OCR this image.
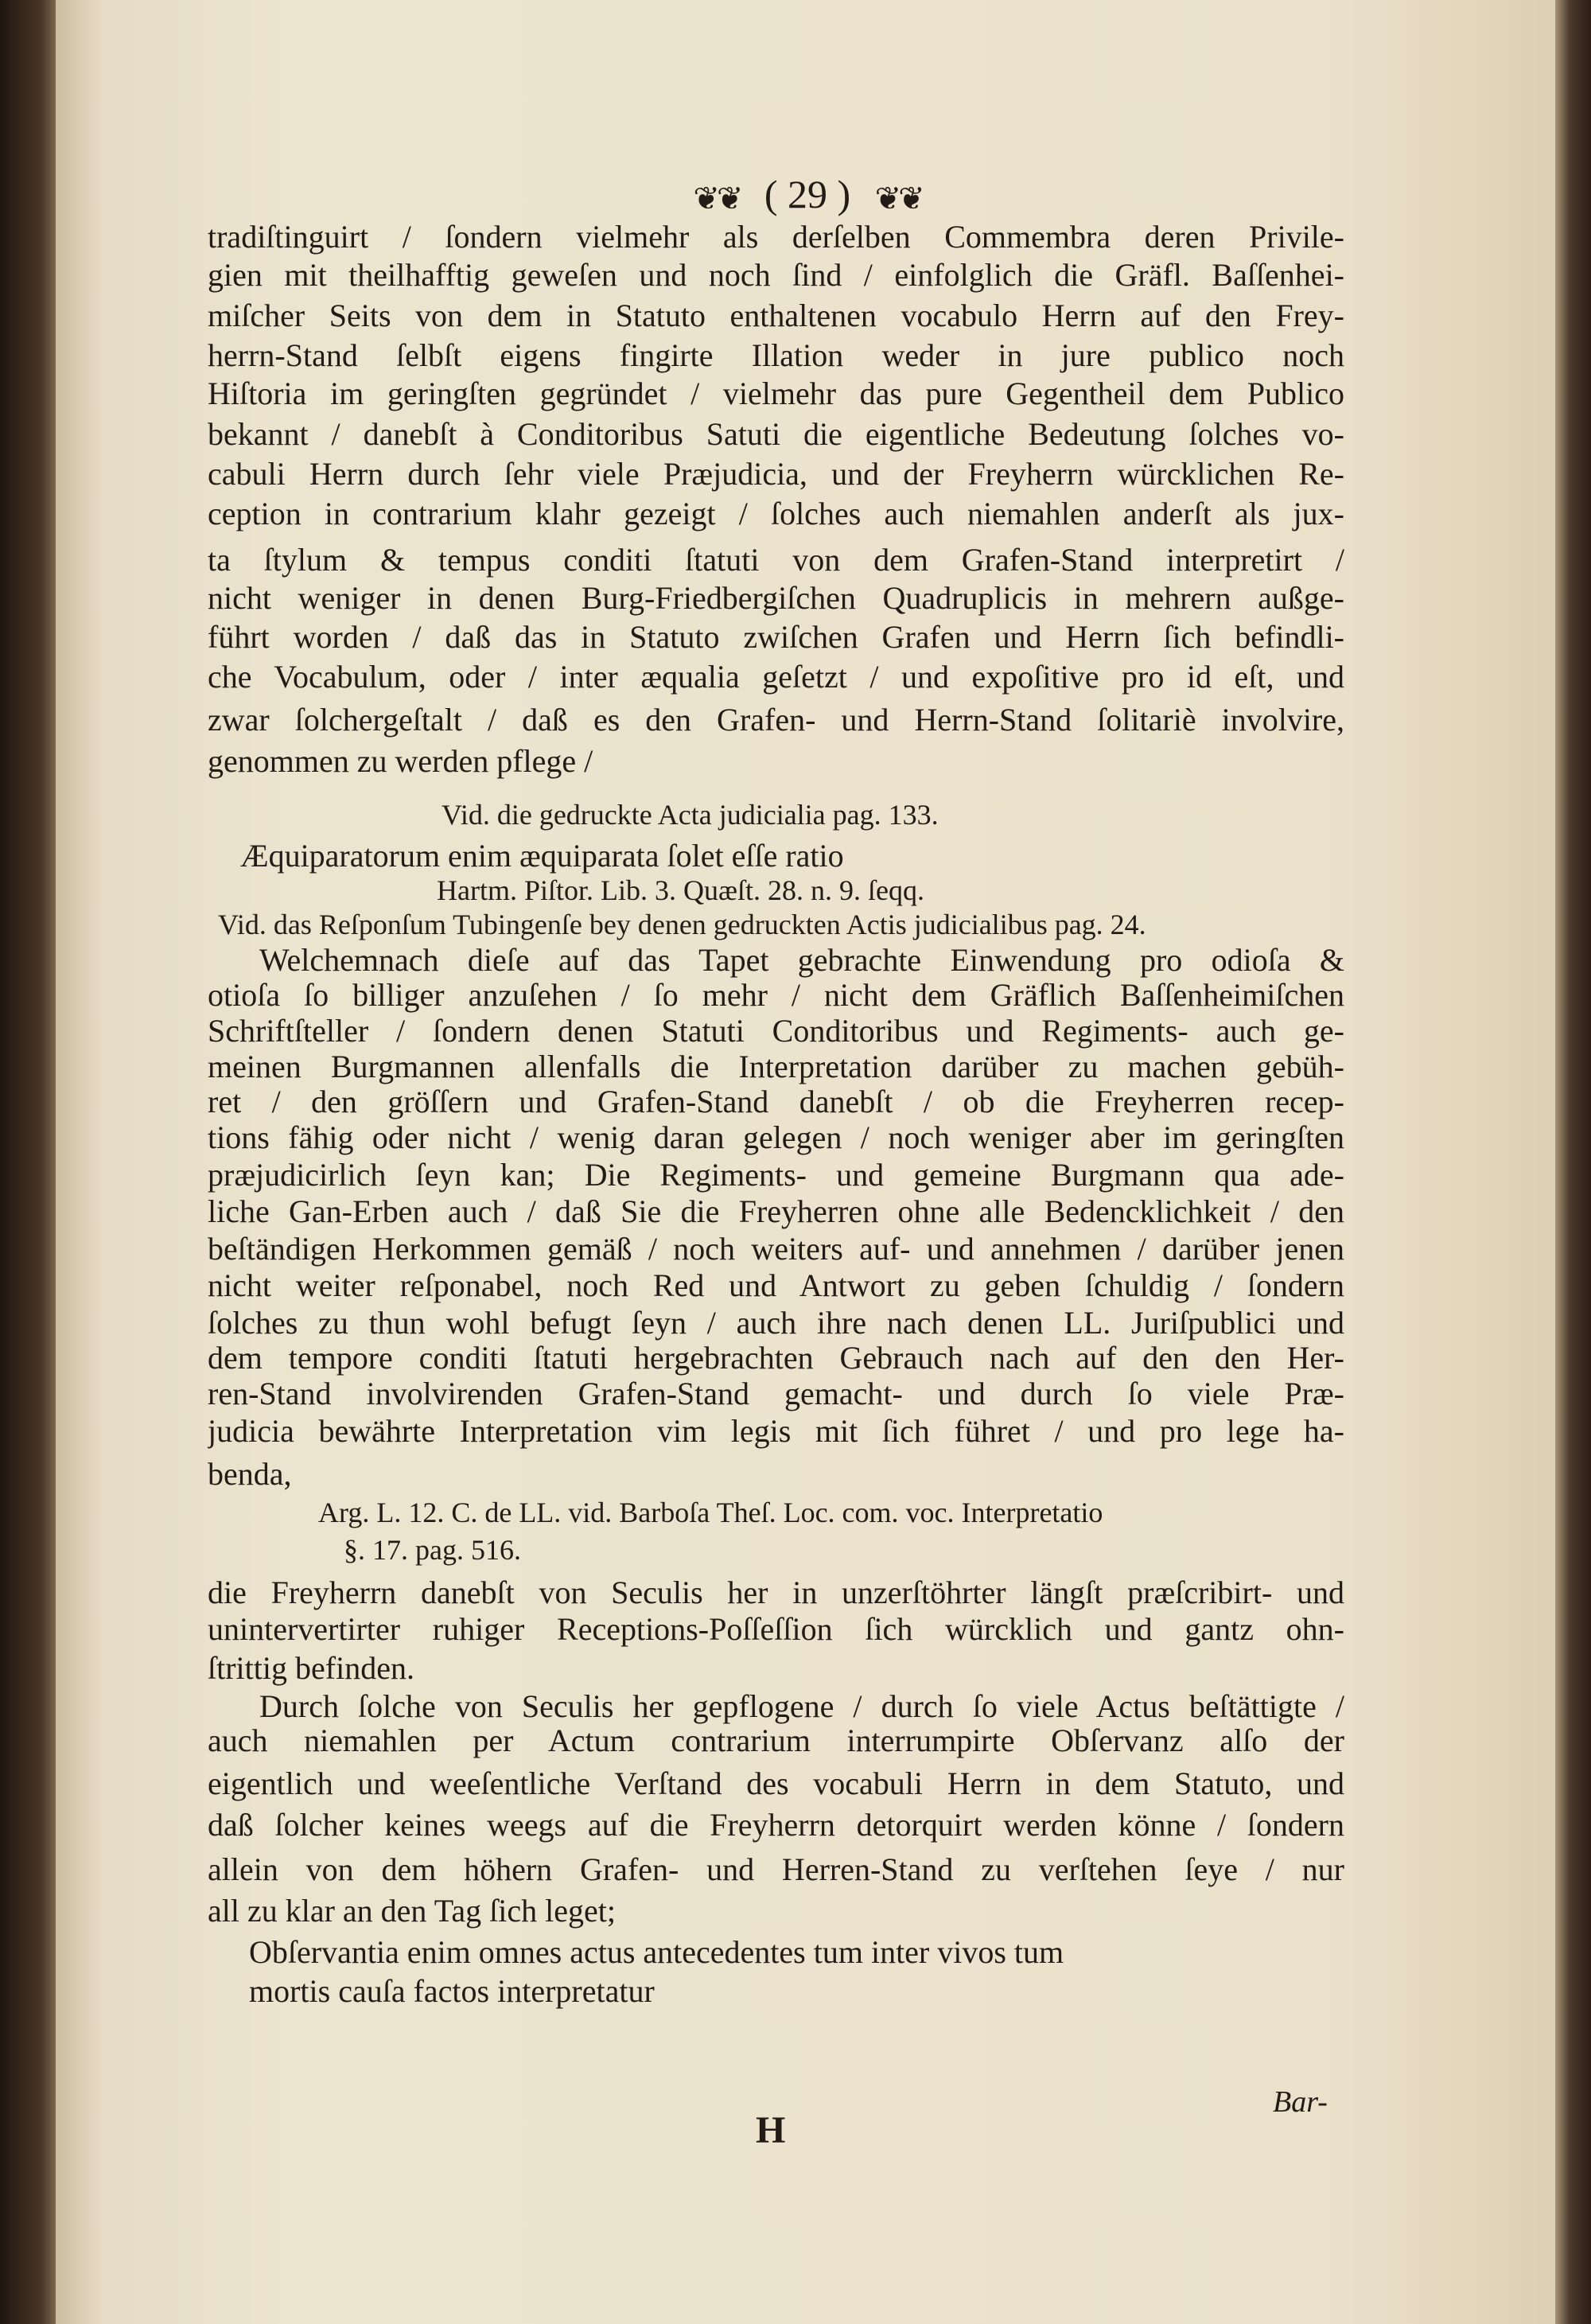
❦❦ ( 29 ) ❦❦
tradiſtinguirt / ſondern vielmehr als derſelben Commembra deren Privile-
gien mit theilhafftig geweſen und noch ſind / einfolglich die Gräfl. Baſſenhei-
miſcher Seits von dem in Statuto enthaltenen vocabulo Herrn auf den Frey-
herrn-Stand ſelbſt eigens fingirte Illation weder in jure publico noch
Hiſtoria im geringſten gegründet / vielmehr das pure Gegentheil dem Publico
bekannt / danebſt à Conditoribus Satuti die eigentliche Bedeutung ſolches vo-
cabuli Herrn durch ſehr viele Præjudicia, und der Freyherrn würcklichen Re-
ception in contrarium klahr gezeigt / ſolches auch niemahlen anderſt als jux-
ta ſtylum & tempus conditi ſtatuti von dem Grafen-Stand interpretirt /
nicht weniger in denen Burg-Friedbergiſchen Quadruplicis in mehrern außge-
führt worden / daß das in Statuto zwiſchen Grafen und Herrn ſich befindli-
che Vocabulum, oder / inter æqualia geſetzt / und expoſitive pro id eſt, und
zwar ſolchergeſtalt / daß es den Grafen- und Herrn-Stand ſolitariè involvire,
genommen zu werden pflege /
Vid. die gedruckte Acta judicialia pag. 133.
Æquiparatorum enim æquiparata ſolet eſſe ratio
Hartm. Piſtor. Lib. 3. Quæſt. 28. n. 9. ſeqq.
Vid. das Reſponſum Tubingenſe bey denen gedruckten Actis judicialibus pag. 24.
Welchemnach dieſe auf das Tapet gebrachte Einwendung pro odioſa &
otioſa ſo billiger anzuſehen / ſo mehr / nicht dem Gräflich Baſſenheimiſchen
Schriftſteller / ſondern denen Statuti Conditoribus und Regiments- auch ge-
meinen Burgmannen allenfalls die Interpretation darüber zu machen gebüh-
ret / den gröſſern und Grafen-Stand danebſt / ob die Freyherren recep-
tions fähig oder nicht / wenig daran gelegen / noch weniger aber im geringſten
præjudicirlich ſeyn kan; Die Regiments- und gemeine Burgmann qua ade-
liche Gan-Erben auch / daß Sie die Freyherren ohne alle Bedencklichkeit / den
beſtändigen Herkommen gemäß / noch weiters auf- und annehmen / darüber jenen
nicht weiter reſponabel, noch Red und Antwort zu geben ſchuldig / ſondern
ſolches zu thun wohl befugt ſeyn / auch ihre nach denen LL. Juriſpublici und
dem tempore conditi ſtatuti hergebrachten Gebrauch nach auf den den Her-
ren-Stand involvirenden Grafen-Stand gemacht- und durch ſo viele Præ-
judicia bewährte Interpretation vim legis mit ſich führet / und pro lege ha-
benda,
Arg. L. 12. C. de LL. vid. Barboſa Theſ. Loc. com. voc. Interpretatio
§. 17. pag. 516.
die Freyherrn danebſt von Seculis her in unzerſtöhrter längſt præſcribirt- und
unintervertirter ruhiger Receptions-Poſſeſſion ſich würcklich und gantz ohn-
ſtrittig befinden.
Durch ſolche von Seculis her gepflogene / durch ſo viele Actus beſtättigte /
auch niemahlen per Actum contrarium interrumpirte Obſervanz alſo der
eigentlich und weeſentliche Verſtand des vocabuli Herrn in dem Statuto, und
daß ſolcher keines weegs auf die Freyherrn detorquirt werden könne / ſondern
allein von dem höhern Grafen- und Herren-Stand zu verſtehen ſeye / nur
all zu klar an den Tag ſich leget;
Obſervantia enim omnes actus antecedentes tum inter vivos tum
mortis cauſa factos interpretatur
H
Bar-
